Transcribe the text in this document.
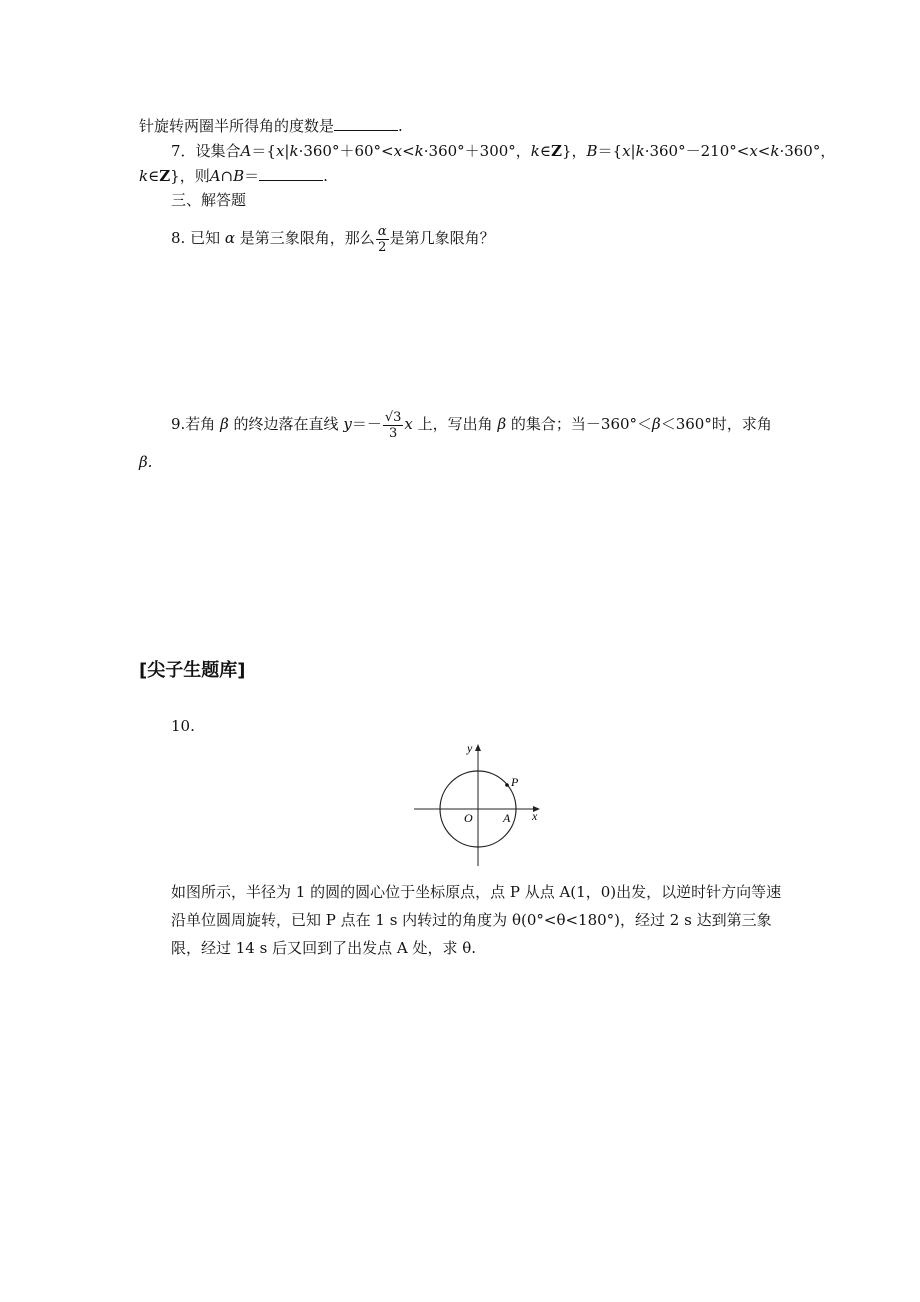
针旋转两圈半所得角的度数是	.
7．设集合A＝{x|k·360°＋60°<x<k·360°＋300°，k∈Z}，B＝{x|k·360°－210°<x<k·360°，
k∈Z}，则A∩B＝	.
三、解答题
8. 已知 α 是第三象限角，那么 $\frac{\alpha}{2}$ 是第几象限角？
9.若角 β 的终边落在直线 $y=- \frac{√3}{3}$ x 上，写出角 β 的集合；当－360°＜β＜360°时，求角
β.
[尖子生题库]
10.
y
x
O	A
P
如图所示，半径为 1 的圆的圆心位于坐标原点，点 P 从点 A(1，0)出发，以逆时针方向等速沿单位圆周旋转，已知 P 点在 1 s 内转过的角度为 θ(0°<θ<180°)，经过 2 s 达到第三象限，经过 14 s 后又回到了出发点 A 处，求 θ.
